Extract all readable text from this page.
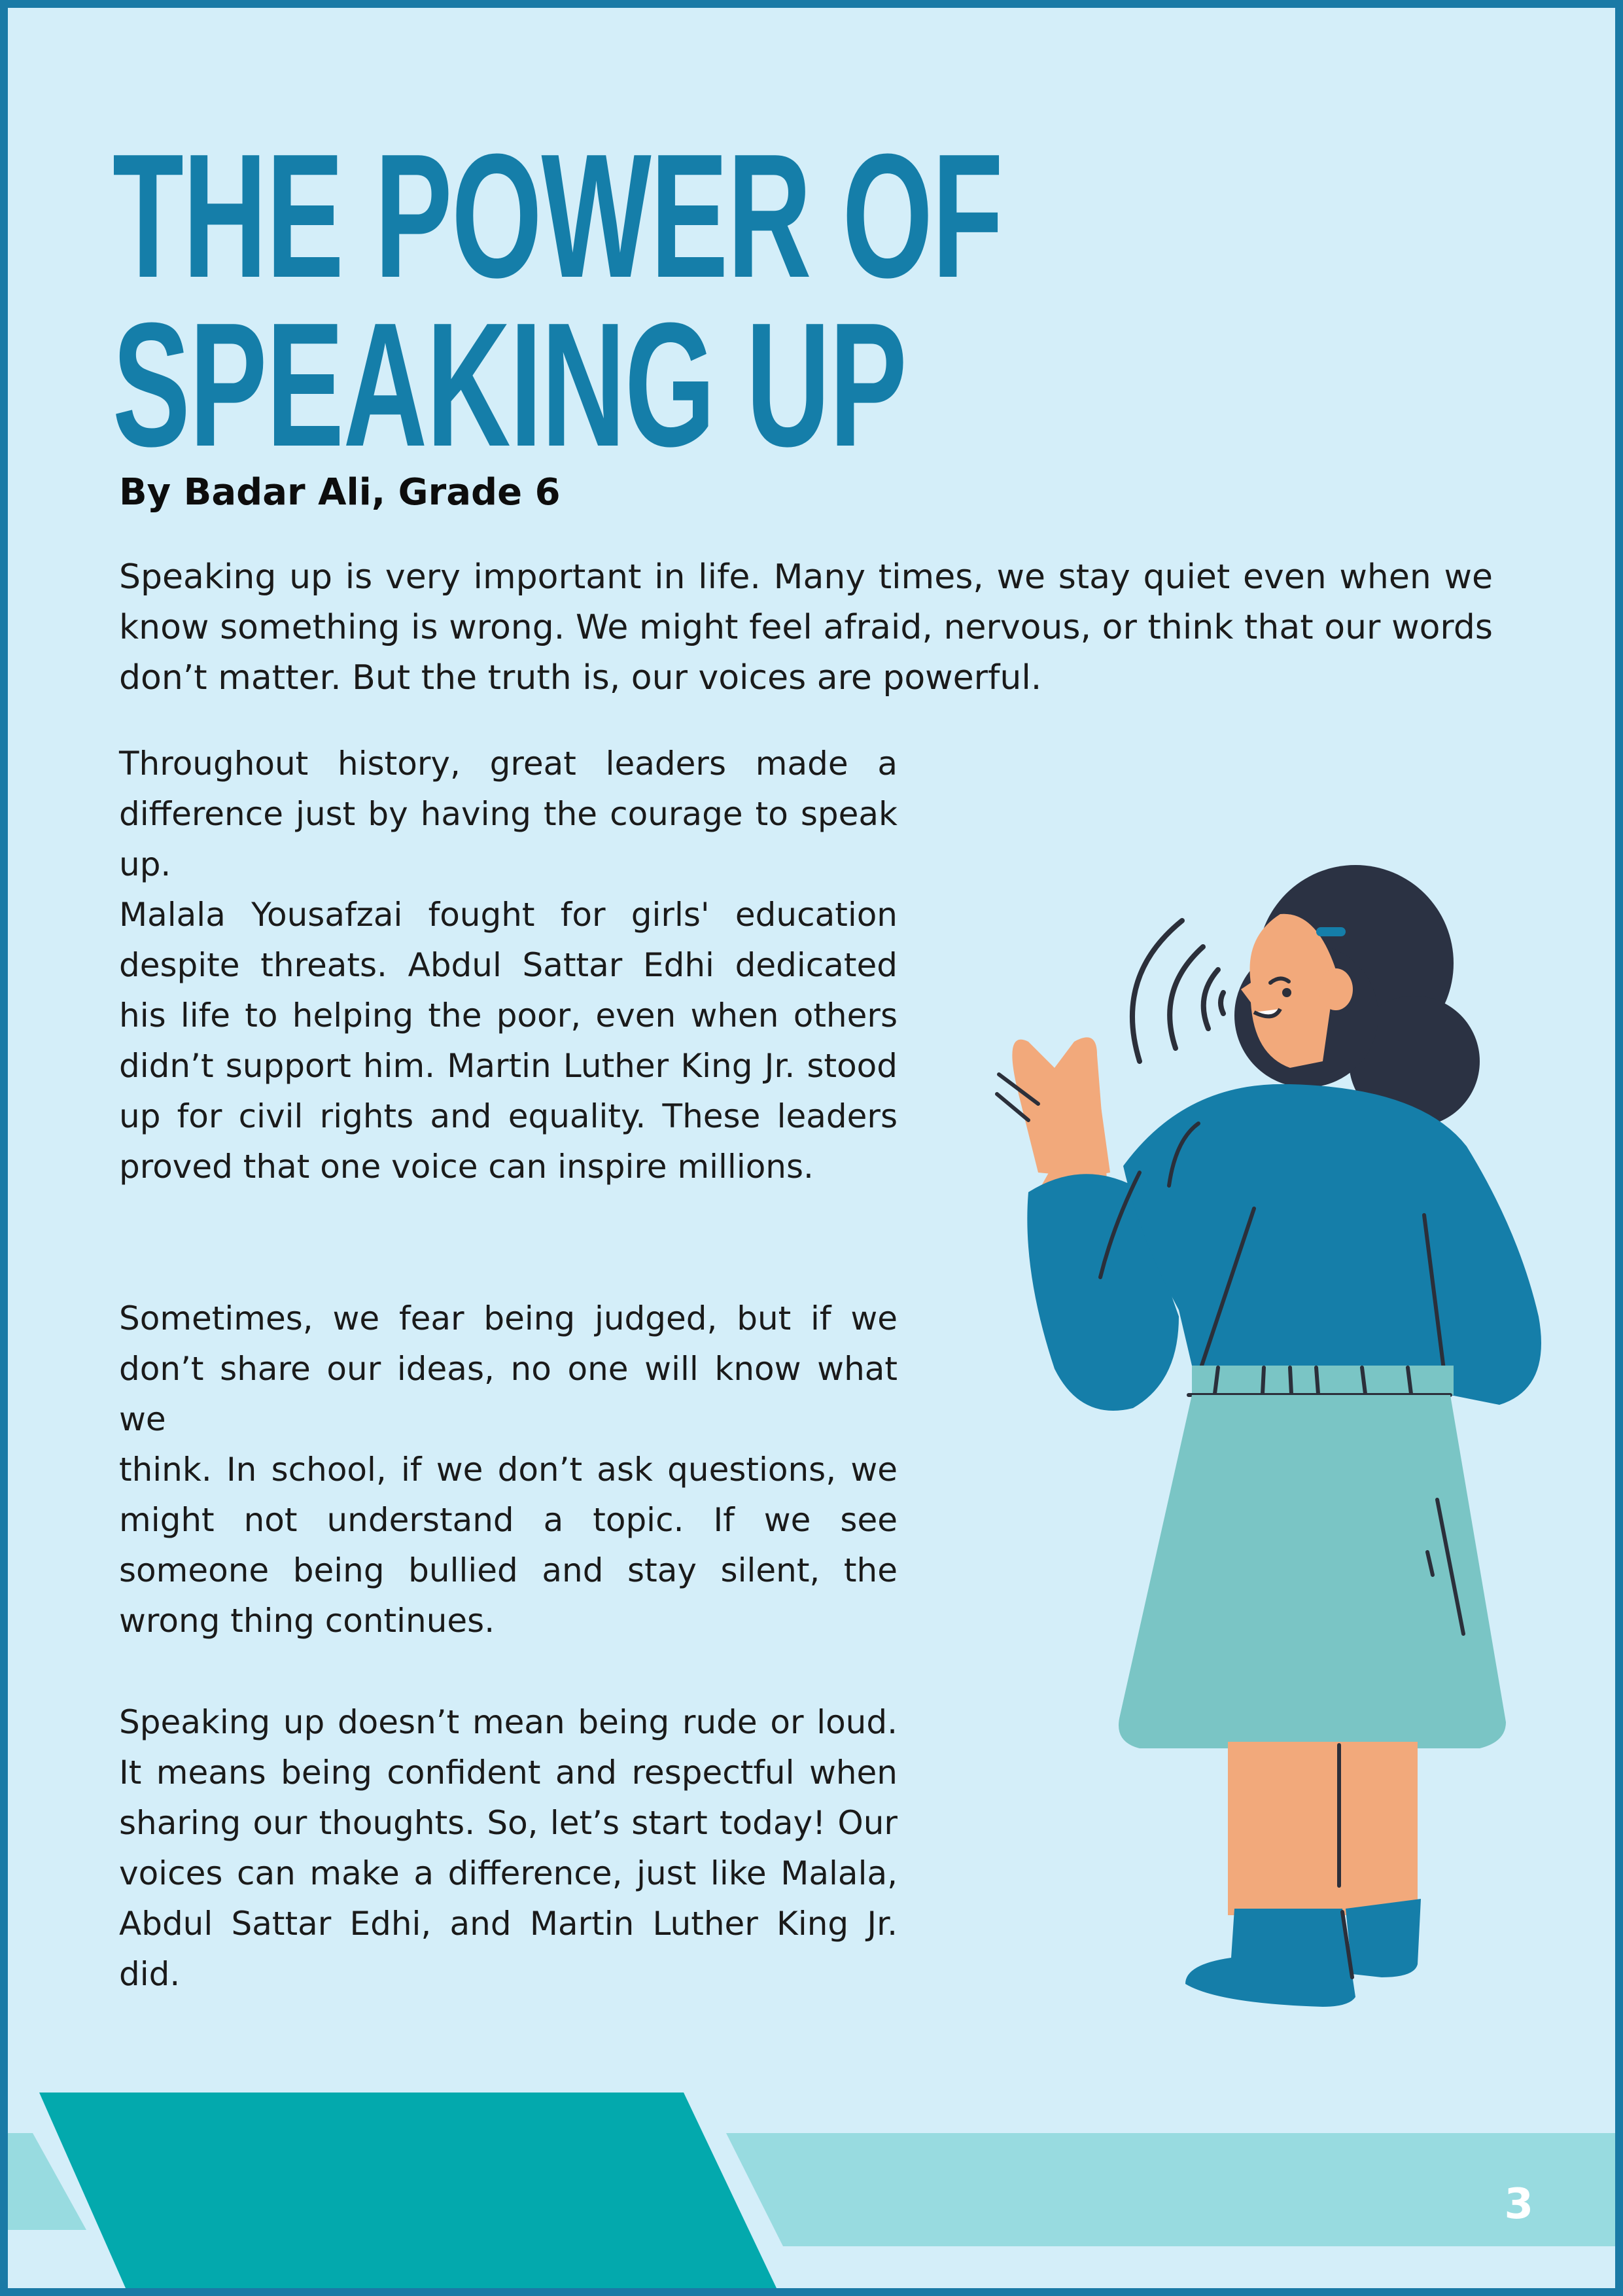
THE POWER OF
SPEAKING UP

By Badar Ali, Grade 6

Speaking up is very important in life. Many times, we stay quiet even when we know something is wrong. We might feel afraid, nervous, or think that our words don’t matter. But the truth is, our voices are powerful.

Throughout history, great leaders made a difference just by having the courage to speak up.
Malala Yousafzai fought for girls' education despite threats. Abdul Sattar Edhi dedicated his life to helping the poor, even when others didn’t support him. Martin Luther King Jr. stood up for civil rights and equality. These leaders proved that one voice can inspire millions.

Sometimes, we fear being judged, but if we don’t share our ideas, no one will know what we
think. In school, if we don’t ask questions, we might not understand a topic. If we see someone being bullied and stay silent, the wrong thing continues.

Speaking up doesn’t mean being rude or loud. It means being confident and respectful when sharing our thoughts. So, let’s start today! Our voices can make a difference, just like Malala, Abdul Sattar Edhi, and Martin Luther King Jr. did.

3
